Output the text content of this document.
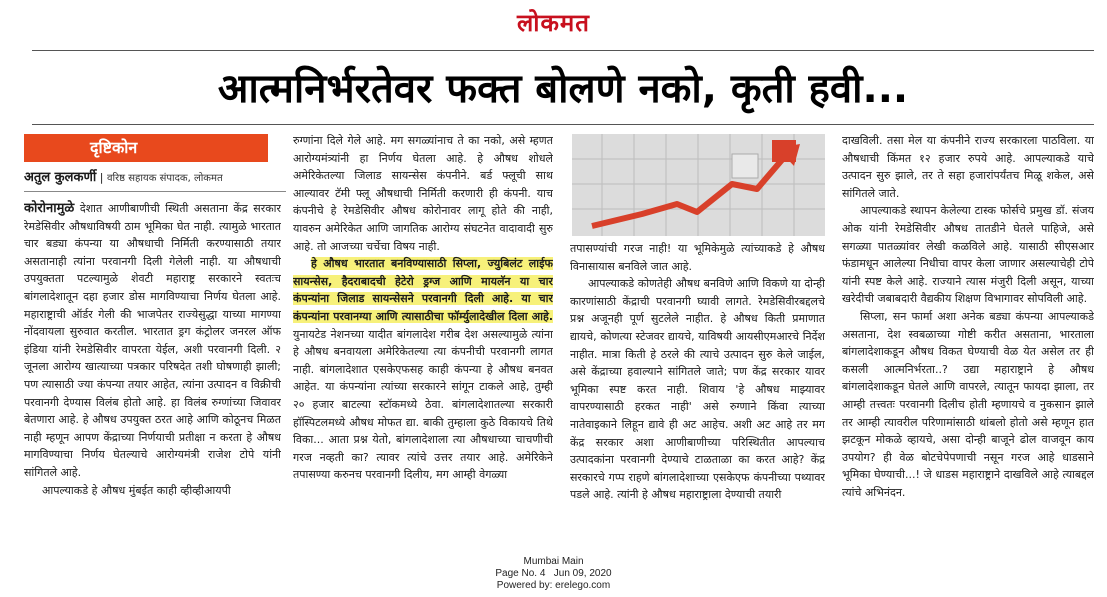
लोकमत
आत्मनिर्भरतेवर फक्त बोलणे नको, कृती हवी...
दृष्टिकोन
अतुल कुलकर्णी | वरिष्ठ सहायक संपादक, लोकमत

कोरोनामुळे देशात आणीबाणीची स्थिती असताना केंद्र सरकार रेमडेसिवीर औषधाविषयी ठाम भूमिका घेत नाही. त्यामुळे भारतात चार बड्या कंपन्या या औषधाची निर्मिती करण्यासाठी तयार असतानाही त्यांना परवानगी दिली गेलेली नाही. या औषधाची उपयुक्तता पटल्यामुळे शेवटी महाराष्ट्र सरकारने स्वतःच बांगलादेशातून दहा हजार डोस मागविण्याचा निर्णय घेतला आहे. महाराष्ट्राची ऑर्डर गेली की भाजपेतर राज्येसुद्धा याच्या मागण्या नोंदवायला सुरुवात करतील. भारतात ड्रग कंट्रोलर जनरल ऑफ इंडिया यांनी रेमडेसिवीर वापरता येईल, अशी परवानगी दिली. २ जूनला आरोग्य खात्याच्या पत्रकार परिषदेत तशी घोषणाही झाली; पण त्यासाठी ज्या कंपन्या तयार आहेत, त्यांना उत्पादन व विक्रीची परवानगी देण्यास विलंब होतो आहे. हा विलंब रुग्णांच्या जिवावर बेतणारा आहे. हे औषध उपयुक्त ठरत आहे आणि कोठूनच मिळत नाही म्हणून आपण केंद्राच्या निर्णयाची प्रतीक्षा न करता हे औषध मागविण्याचा निर्णय घेतल्याचे आरोग्यमंत्री राजेश टोपे यांनी सांगितले आहे.

आपल्याकडे हे औषध मुंबईत काही व्हीव्हीआयपी

रुग्णांना दिले गेले आहे. मग सगळ्यांनाच ते का नको, असे म्हणत आरोग्यमंत्र्यांनी हा निर्णय घेतला आहे. हे औषध शोधले अमेरिकेतल्या जिलाड सायन्सेस कंपनीने. बर्ड फ्लूची साथ आल्यावर टॅमी फ्लू औषधाची निर्मिती करणारी ही कंपनी. याच कंपनीचे हे रेमडेसिवीर औषध कोरोनावर लागू होते की नाही, यावरुन अमेरिकेत आणि जागतिक आरोग्य संघटनेत वादावादी सुरु आहे. तो आजच्या चर्चेचा विषय नाही.

हे औषध भारतात बनविण्यासाठी सिप्ला, ज्युबिलंट लाईफ सायन्सेस, हैदराबादची हेटेरो ड्रग्ज आणि मायलॅन या चार कंपन्यांना जिलाड सायन्सेसने परवानगी दिली आहे. या चार कंपन्यांना परवानग्या आणि त्यासाठीचा फॉर्म्युलादेखील दिला आहे. युनायटेड नेशनच्या यादीत बांगलादेश गरीब देश असल्यामुळे त्यांना हे औषध बनवायला अमेरिकेतल्या त्या कंपनीची परवानगी लागत नाही. बांगलादेशात एसकेएफसह काही कंपन्या हे औषध बनवत आहेत. या कंपन्यांना त्यांच्या सरकारने सांगून टाकले आहे, तुम्ही २० हजार बाटल्या स्टॉकमध्ये ठेवा. बांगलादेशातल्या सरकारी हॉस्पिटलमध्ये औषध मोफत द्या. बाकी तुम्हाला कुठे विकायचे तिथे विका... आता प्रश्न येतो, बांगलादेशाला त्या औषधाच्या चाचणीची गरज नव्हती का? त्यावर त्यांचे उत्तर तयार आहे. अमेरिकेने तपासण्या करुनच परवानगी दिलीय, मग आम्ही वेगळ्या

तपासण्यांची गरज नाही! या भूमिकेमुळे त्यांच्याकडे हे औषध विनासायास बनविले जात आहे.

आपल्याकडे कोणतेही औषध बनविणे आणि विकणे या दोन्ही कारणांसाठी केंद्राची परवानगी घ्यावी लागते. रेमडेसिवीरबद्दलचे प्रश्न अजूनही पूर्ण सुटलेले नाहीत. हे औषध किती प्रमाणात द्यायचे, कोणत्या स्टेजवर द्यायचे, याविषयी आयसीएमआरचे निर्देश नाहीत. मात्रा किती हे ठरले की त्याचे उत्पादन सुरु केले जाईल, असे केंद्राच्या हवाल्याने सांगितले जाते; पण केंद्र सरकार यावर भूमिका स्पष्ट करत नाही. शिवाय 'हे औषध माझ्यावर वापरण्यासाठी हरकत नाही' असे रुग्णाने किंवा त्याच्या नातेवाइकाने लिहून द्यावे ही अट आहेच. अशी अट आहे तर मग केंद्र सरकार अशा आणीबाणीच्या परिस्थितीत आपल्याच उत्पादकांना परवानगी देण्याचे टाळताळा का करत आहे? केंद्र सरकारचे गप्प राहणे बांगलादेशाच्या एसकेएफ कंपनीच्या पथ्यावर पडले आहे. त्यांनी हे औषध महाराष्ट्राला देण्याची तयारी

दाखविली. तसा मेल या कंपनीने राज्य सरकारला पाठविला. या औषधाची किंमत १२ हजार रुपये आहे. आपल्याकडे याचे उत्पादन सुरु झाले, तर ते सहा हजारांपर्यंतच मिळू शकेल, असे सांगितले जाते.

आपल्याकडे स्थापन केलेल्या टास्क फोर्सचे प्रमुख डॉ. संजय ओक यांनी रेमडेसिवीर औषध तातडीने घेतले पाहिजे, असे सगळ्या पातळ्यांवर लेखी कळविले आहे. यासाठी सीएसआर फंडामधून आलेल्या निधीचा वापर केला जाणार असल्याचेही टोपे यांनी स्पष्ट केले आहे. राज्याने त्यास मंजुरी दिली असून, याच्या खरेदीची जबाबदारी वैद्यकीय शिक्षण विभागावर सोपविली आहे.

सिप्ला, सन फार्मा अशा अनेक बड्या कंपन्या आपल्याकडे असताना, देश स्वबळाच्या गोष्टी करीत असताना, भारताला बांगलादेशाकडून औषध विकत घेण्याची वेळ येत असेल तर ही कसली आत्मनिर्भरता..? उद्या महाराष्ट्राने हे औषध बांगलादेशाकडून घेतले आणि वापरले, त्यातून फायदा झाला, तर आम्ही तत्त्वतः परवानगी दिलीच होती म्हणायचे व नुकसान झाले तर आम्ही त्यावरील परिणामांसाठी थांबलो होतो असे म्हणून हात झटकून मोकळे व्हायचे, असा दोन्ही बाजूने ढोल वाजवून काय उपयोग? ही वेळ बोटचेपेपणाची नसून गरज आहे धाडसाने भूमिका घेण्याची...! जे धाडस महाराष्ट्राने दाखविले आहे त्याबद्दल त्यांचे अभिनंदन.

Mumbai Main
Page No. 4 Jun 09, 2020
Powered by: erelego.com
